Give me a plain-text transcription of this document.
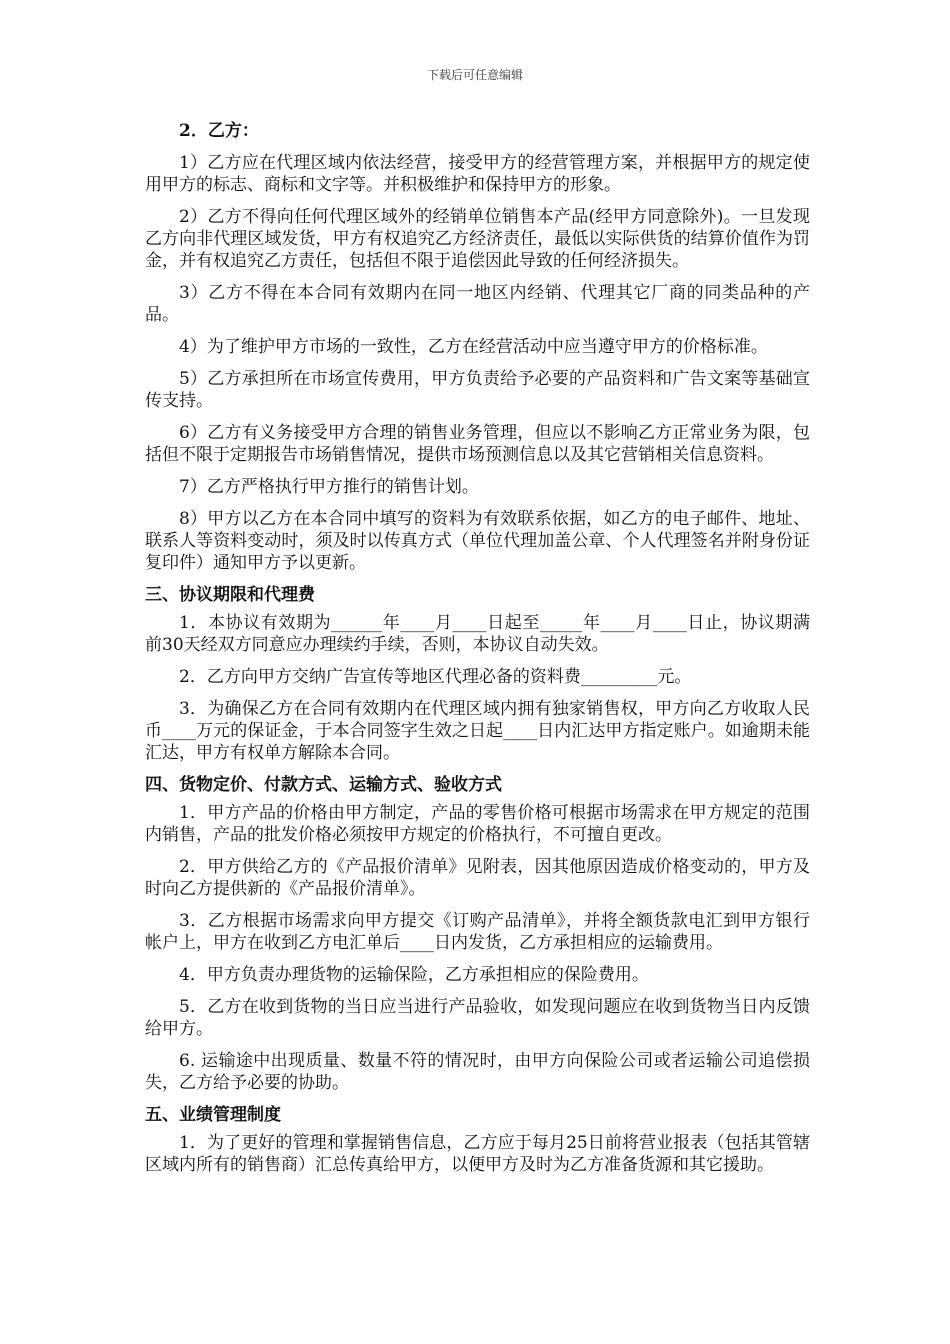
下载后可任意编辑
2．乙方：
1）乙方应在代理区域内依法经营，接受甲方的经营管理方案，并根据甲方的规定使用甲方的标志、商标和文字等。并积极维护和保持甲方的形象。
2）乙方不得向任何代理区域外的经销单位销售本产品(经甲方同意除外)。一旦发现乙方向非代理区域发货，甲方有权追究乙方经济责任，最低以实际供货的结算价值作为罚金，并有权追究乙方责任，包括但不限于追偿因此导致的任何经济损失。
3）乙方不得在本合同有效期内在同一地区内经销、代理其它厂商的同类品种的产品。
4）为了维护甲方市场的一致性，乙方在经营活动中应当遵守甲方的价格标准。
5）乙方承担所在市场宣传费用，甲方负责给予必要的产品资料和广告文案等基础宣传支持。
6）乙方有义务接受甲方合理的销售业务管理，但应以不影响乙方正常业务为限，包括但不限于定期报告市场销售情况，提供市场预测信息以及其它营销相关信息资料。
7）乙方严格执行甲方推行的销售计划。
8）甲方以乙方在本合同中填写的资料为有效联系依据，如乙方的电子邮件、地址、联系人等资料变动时，须及时以传真方式（单位代理加盖公章、个人代理签名并附身份证复印件）通知甲方予以更新。
三、协议期限和代理费
1．本协议有效期为______年____月____日起至_____年____月____日止，协议期满前30天经双方同意应办理续约手续，否则，本协议自动失效。
2．乙方向甲方交纳广告宣传等地区代理必备的资料费_________元。
3．为确保乙方在合同有效期内在代理区域内拥有独家销售权，甲方向乙方收取人民币____万元的保证金，于本合同签字生效之日起____日内汇达甲方指定账户。如逾期未能汇达，甲方有权单方解除本合同。
四、货物定价、付款方式、运输方式、验收方式
1．甲方产品的价格由甲方制定，产品的零售价格可根据市场需求在甲方规定的范围内销售，产品的批发价格必须按甲方规定的价格执行，不可擅自更改。
2．甲方供给乙方的《产品报价清单》见附表，因其他原因造成价格变动的，甲方及时向乙方提供新的《产品报价清单》。
3．乙方根据市场需求向甲方提交《订购产品清单》，并将全额货款电汇到甲方银行帐户上，甲方在收到乙方电汇单后____日内发货，乙方承担相应的运输费用。
4．甲方负责办理货物的运输保险，乙方承担相应的保险费用。
5．乙方在收到货物的当日应当进行产品验收，如发现问题应在收到货物当日内反馈给甲方。
6. 运输途中出现质量、数量不符的情况时，由甲方向保险公司或者运输公司追偿损失，乙方给予必要的协助。
五、业绩管理制度
1．为了更好的管理和掌握销售信息，乙方应于每月25日前将营业报表（包括其管辖区域内所有的销售商）汇总传真给甲方，以便甲方及时为乙方准备货源和其它援助。
